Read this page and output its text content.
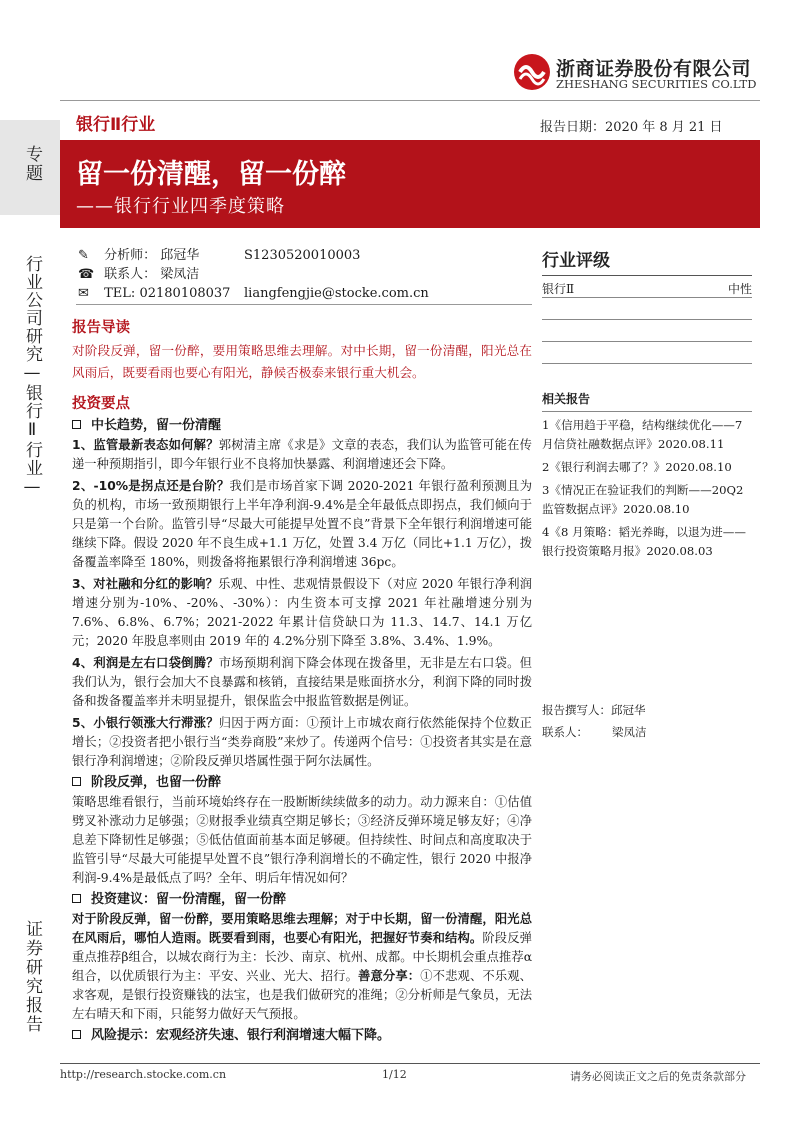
专题
行业公司研究—银行Ⅱ行业—
证券研究报告
浙商证券股份有限公司
ZHESHANG SECURITIES CO.LTD
银行Ⅱ行业	报告日期：2020 年 8 月 21 日
留一份清醒，留一份醉
——银行行业四季度策略
✎ 分析师： 邱冠华	S1230520010003
☎ 联系人： 梁凤洁
✉ TEL: 02180108037 liangfengjie@stocke.com.cn
报告导读
对阶段反弹，留一份醉，要用策略思维去理解。对中长期，留一份清醒，阳光总在风雨后，既要看雨也要心有阳光，静候否极泰来银行重大机会。
投资要点
中长趋势，留一份清醒
1、监管最新表态如何解？郭树清主席《求是》文章的表态，我们认为监管可能在传递一种预期指引，即今年银行业不良将加快暴露、利润增速还会下降。
2、-10%是拐点还是台阶？我们是市场首家下调 2020-2021 年银行盈利预测且为负的机构，市场一致预期银行上半年净利润-9.4%是全年最低点即拐点，我们倾向于只是第一个台阶。监管引导“尽最大可能提早处置不良”背景下全年银行利润增速可能继续下降。假设 2020 年不良生成+1.1 万亿，处置 3.4 万亿（同比+1.1 万亿），拨备覆盖率降至 180%，则拨备将拖累银行净利润增速 36pc。
3、对社融和分红的影响？乐观、中性、悲观情景假设下（对应 2020 年银行净利润增速分别为-10%、-20%、-30%）：内生资本可支撑 2021 年社融增速分别为 7.6%、6.8%、6.7%；2021-2022 年累计信贷缺口为 11.3、14.7、14.1 万亿元；2020 年股息率则由 2019 年的 4.2%分别下降至 3.8%、3.4%、1.9%。
4、利润是左右口袋倒腾？市场预期利润下降会体现在拨备里，无非是左右口袋。但我们认为，银行会加大不良暴露和核销，直接结果是账面挤水分，利润下降的同时拨备和拨备覆盖率并未明显提升，银保监会中报监管数据是例证。
5、小银行领涨大行滞涨？归因于两方面：①预计上市城农商行依然能保持个位数正增长；②投资者把小银行当“类券商股”来炒了。传递两个信号：①投资者其实是在意银行净利润增速；②阶段反弹贝塔属性强于阿尔法属性。
阶段反弹，也留一份醉
策略思维看银行，当前环境始终存在一股断断续续做多的动力。动力源来自：①估值劈叉补涨动力足够强；②财报季业绩真空期足够长；③经济反弹环境足够友好；④净息差下降韧性足够强；⑤低估值面前基本面足够硬。但持续性、时间点和高度取决于监管引导“尽最大可能提早处置不良”银行净利润增长的不确定性，银行 2020 中报净利润-9.4%是最低点了吗？全年、明后年情况如何？
投资建议：留一份清醒，留一份醉
对于阶段反弹，留一份醉，要用策略思维去理解；对于中长期，留一份清醒，阳光总在风雨后，哪怕人造雨。既要看到雨，也要心有阳光，把握好节奏和结构。阶段反弹重点推荐β组合，以城农商行为主：长沙、南京、杭州、成都。中长期机会重点推荐α组合，以优质银行为主：平安、兴业、光大、招行。善意分享：①不悲观、不乐观、求客观，是银行投资赚钱的法宝，也是我们做研究的准绳；②分析师是气象员，无法左右晴天和下雨，只能努力做好天气预报。
风险提示：宏观经济失速、银行利润增速大幅下降。
行业评级
银行Ⅱ	中性
相关报告
1《信用趋于平稳，结构继续优化——7月信贷社融数据点评》2020.08.11
2《银行利润去哪了？》2020.08.10
3《情况正在验证我们的判断——20Q2监管数据点评》2020.08.10
4《8 月策略：韬光养晦，以退为进——银行投资策略月报》2020.08.03
报告撰写人：邱冠华
联系人： 梁凤洁
http://research.stocke.com.cn	1/12	请务必阅读正文之后的免责条款部分
